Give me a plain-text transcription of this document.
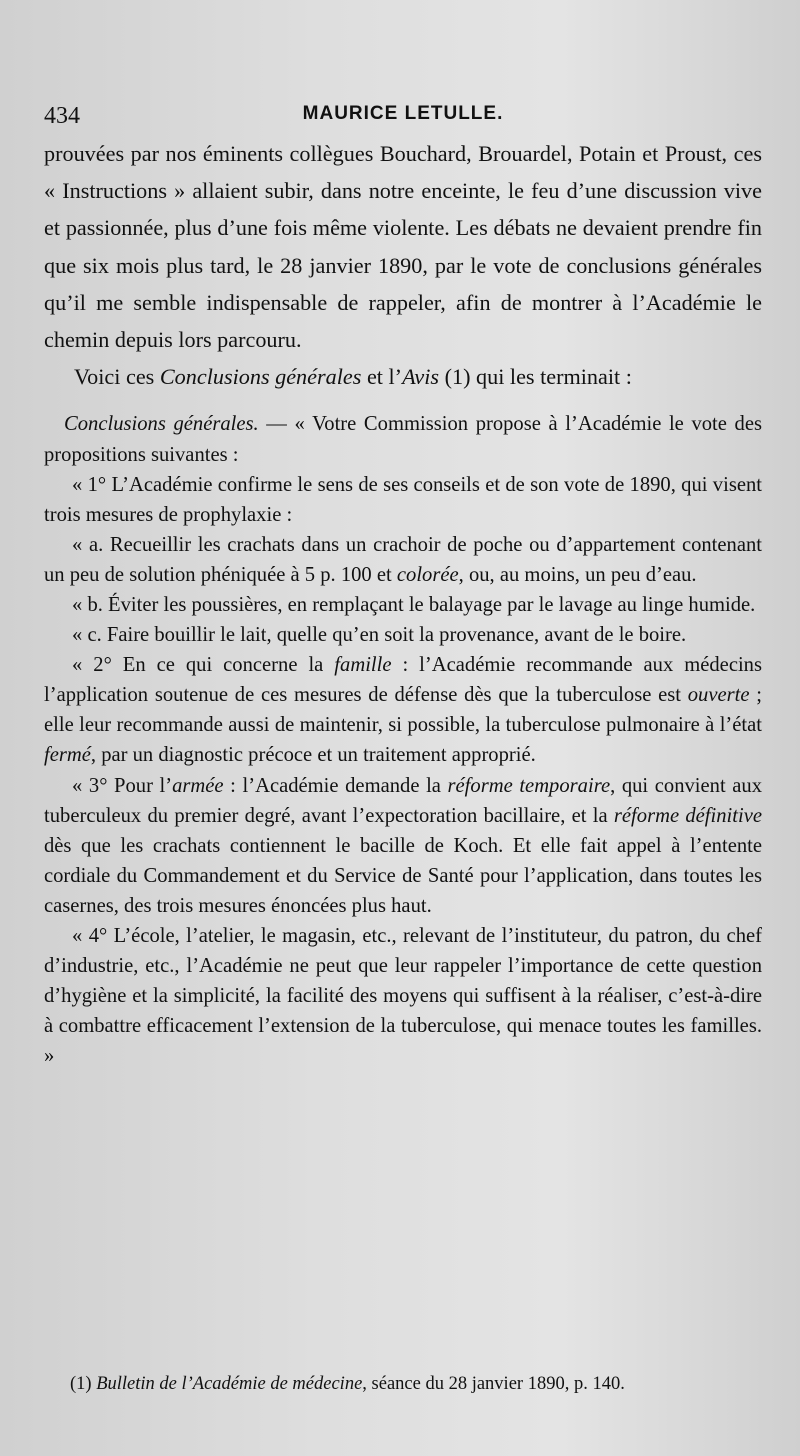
434	MAURICE LETULLE.

prouvées par nos éminents collègues Bouchard, Brouardel, Potain et Proust, ces « Instructions » allaient subir, dans notre enceinte, le feu d’une discussion vive et passionnée, plus d’une fois même violente. Les débats ne devaient prendre fin que six mois plus tard, le 28 janvier 1890, par le vote de conclusions générales qu’il me semble indispensable de rappeler, afin de montrer à l’Académie le chemin depuis lors parcouru.

Voici ces Conclusions générales et l’Avis (1) qui les terminait :

Conclusions générales. — « Votre Commission propose à l’Académie le vote des propositions suivantes :

« 1° L’Académie confirme le sens de ses conseils et de son vote de 1890, qui visent trois mesures de prophylaxie :

« a. Recueillir les crachats dans un crachoir de poche ou d’appartement contenant un peu de solution phéniquée à 5 p. 100 et colorée, ou, au moins, un peu d’eau.

« b. Éviter les poussières, en remplaçant le balayage par le lavage au linge humide.

« c. Faire bouillir le lait, quelle qu’en soit la provenance, avant de le boire.

« 2° En ce qui concerne la famille : l’Académie recommande aux médecins l’application soutenue de ces mesures de défense dès que la tuberculose est ouverte ; elle leur recommande aussi de maintenir, si possible, la tuberculose pulmonaire à l’état fermé, par un diagnostic précoce et un traitement approprié.

« 3° Pour l’armée : l’Académie demande la réforme temporaire, qui convient aux tuberculeux du premier degré, avant l’expectoration bacillaire, et la réforme définitive dès que les crachats contiennent le bacille de Koch. Et elle fait appel à l’entente cordiale du Commandement et du Service de Santé pour l’application, dans toutes les casernes, des trois mesures énoncées plus haut.

« 4° L’école, l’atelier, le magasin, etc., relevant de l’instituteur, du patron, du chef d’industrie, etc., l’Académie ne peut que leur rappeler l’importance de cette question d’hygiène et la simplicité, la facilité des moyens qui suffisent à la réaliser, c’est-à-dire à combattre efficacement l’extension de la tuberculose, qui menace toutes les familles. »

(1) Bulletin de l’Académie de médecine, séance du 28 janvier 1890, p. 140.
